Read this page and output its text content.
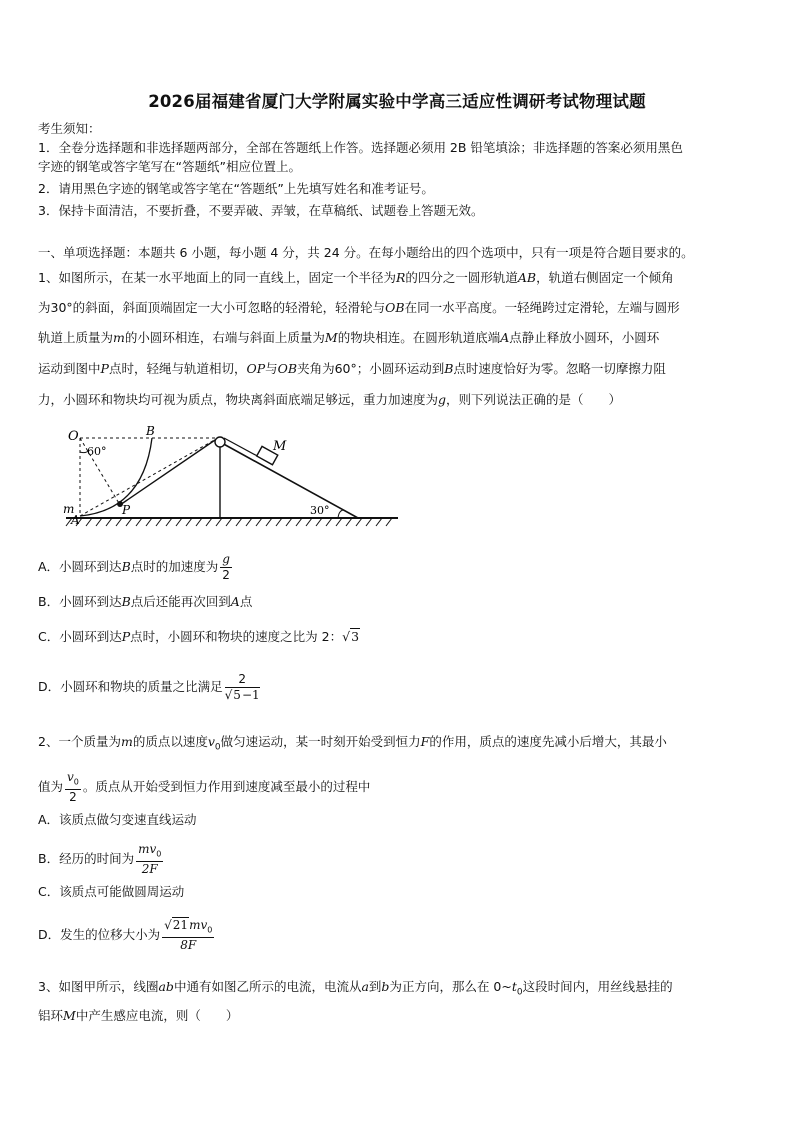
2026届福建省厦门大学附属实验中学高三适应性调研考试物理试题
考生须知：
1．全卷分选择题和非选择题两部分，全部在答题纸上作答。选择题必须用 2B 铅笔填涂；非选择题的答案必须用黑色
字迹的钢笔或答字笔写在“答题纸”相应位置上。
2．请用黑色字迹的钢笔或答字笔在“答题纸”上先填写姓名和准考证号。
3．保持卡面清洁，不要折叠，不要弄破、弄皱，在草稿纸、试题卷上答题无效。
一、单项选择题：本题共 6 小题，每小题 4 分，共 24 分。在每小题给出的四个选项中，只有一项是符合题目要求的。
1、如图所示，在某一水平地面上的同一直线上，固定一个半径为R的四分之一圆形轨道AB，轨道右侧固定一个倾角
为30°的斜面，斜面顶端固定一大小可忽略的轻滑轮，轻滑轮与OB在同一水平高度。一轻绳跨过定滑轮，左端与圆形
轨道上质量为m的小圆环相连，右端与斜面上质量为M的物块相连。在圆形轨道底端A点静止释放小圆环，小圆环
运动到图中P点时，轻绳与轨道相切，OP与OB夹角为60°；小圆环运动到B点时速度恰好为零。忽略一切摩擦力阻
力，小圆环和物块均可视为质点，物块离斜面底端足够远，重力加速度为g，则下列说法正确的是（　　）
O	B
60°
m
A
P
M
30°
A．小圆环到达B点时的加速度为 $\frac{g}{2}$
B．小圆环到达B点后还能再次回到A点
C．小圆环到达P点时，小圆环和物块的速度之比为 2：√3
D．小圆环和物块的质量之比满足 $\frac{2}{√5-1}$
2、一个质量为m的质点以速度$v_0$做匀速运动，某一时刻开始受到恒力F的作用，质点的速度先减小后增大，其最小
值为 $\frac{v_0}{2}$ 。质点从开始受到恒力作用到速度减至最小的过程中
A．该质点做匀变速直线运动
B．经历的时间为 $\frac{mv_0}{2F}$
C．该质点可能做圆周运动
D．发生的位移大小为 $\frac{√21mv_0}{8F}$
3、如图甲所示，线圈ab中通有如图乙所示的电流，电流从a到b为正方向，那么在 $0\sim t_0$这段时间内，用丝线悬挂的
铝环M中产生感应电流，则（　　）
